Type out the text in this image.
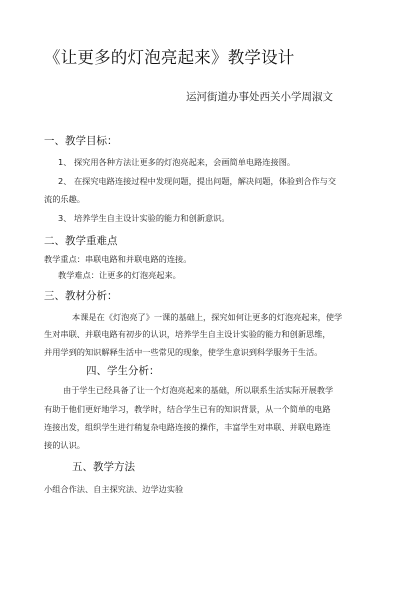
《让更多的灯泡亮起来》教学设计
运河街道办事处西关小学周淑文
一、教学目标：
1、 探究用各种方法让更多的灯泡亮起来，会画简单电路连接图。
2、 在探究电路连接过程中发现问题，提出问题，解决问题，体验到合作与交
流的乐趣。
3、 培养学生自主设计实验的能力和创新意识。
二、教学重难点
教学重点：串联电路和并联电路的连接。
教学难点：让更多的灯泡亮起来。
三、教材分析：
本课是在《灯泡亮了》一课的基础上，探究如何让更多的灯泡亮起来，使学
生对串联、并联电路有初步的认识，培养学生自主设计实验的能力和创新思维，
并用学到的知识解释生活中一些常见的现象，使学生意识到科学服务于生活。
四、学生分析：
由于学生已经具备了让一个灯泡亮起来的基础，所以联系生活实际开展教学
有助于他们更好地学习，教学时，结合学生已有的知识背景，从一个简单的电路
连接出发，组织学生进行稍复杂电路连接的操作，丰富学生对串联、并联电路连
接的认识。
五、教学方法
小组合作法、自主探究法、边学边实验
